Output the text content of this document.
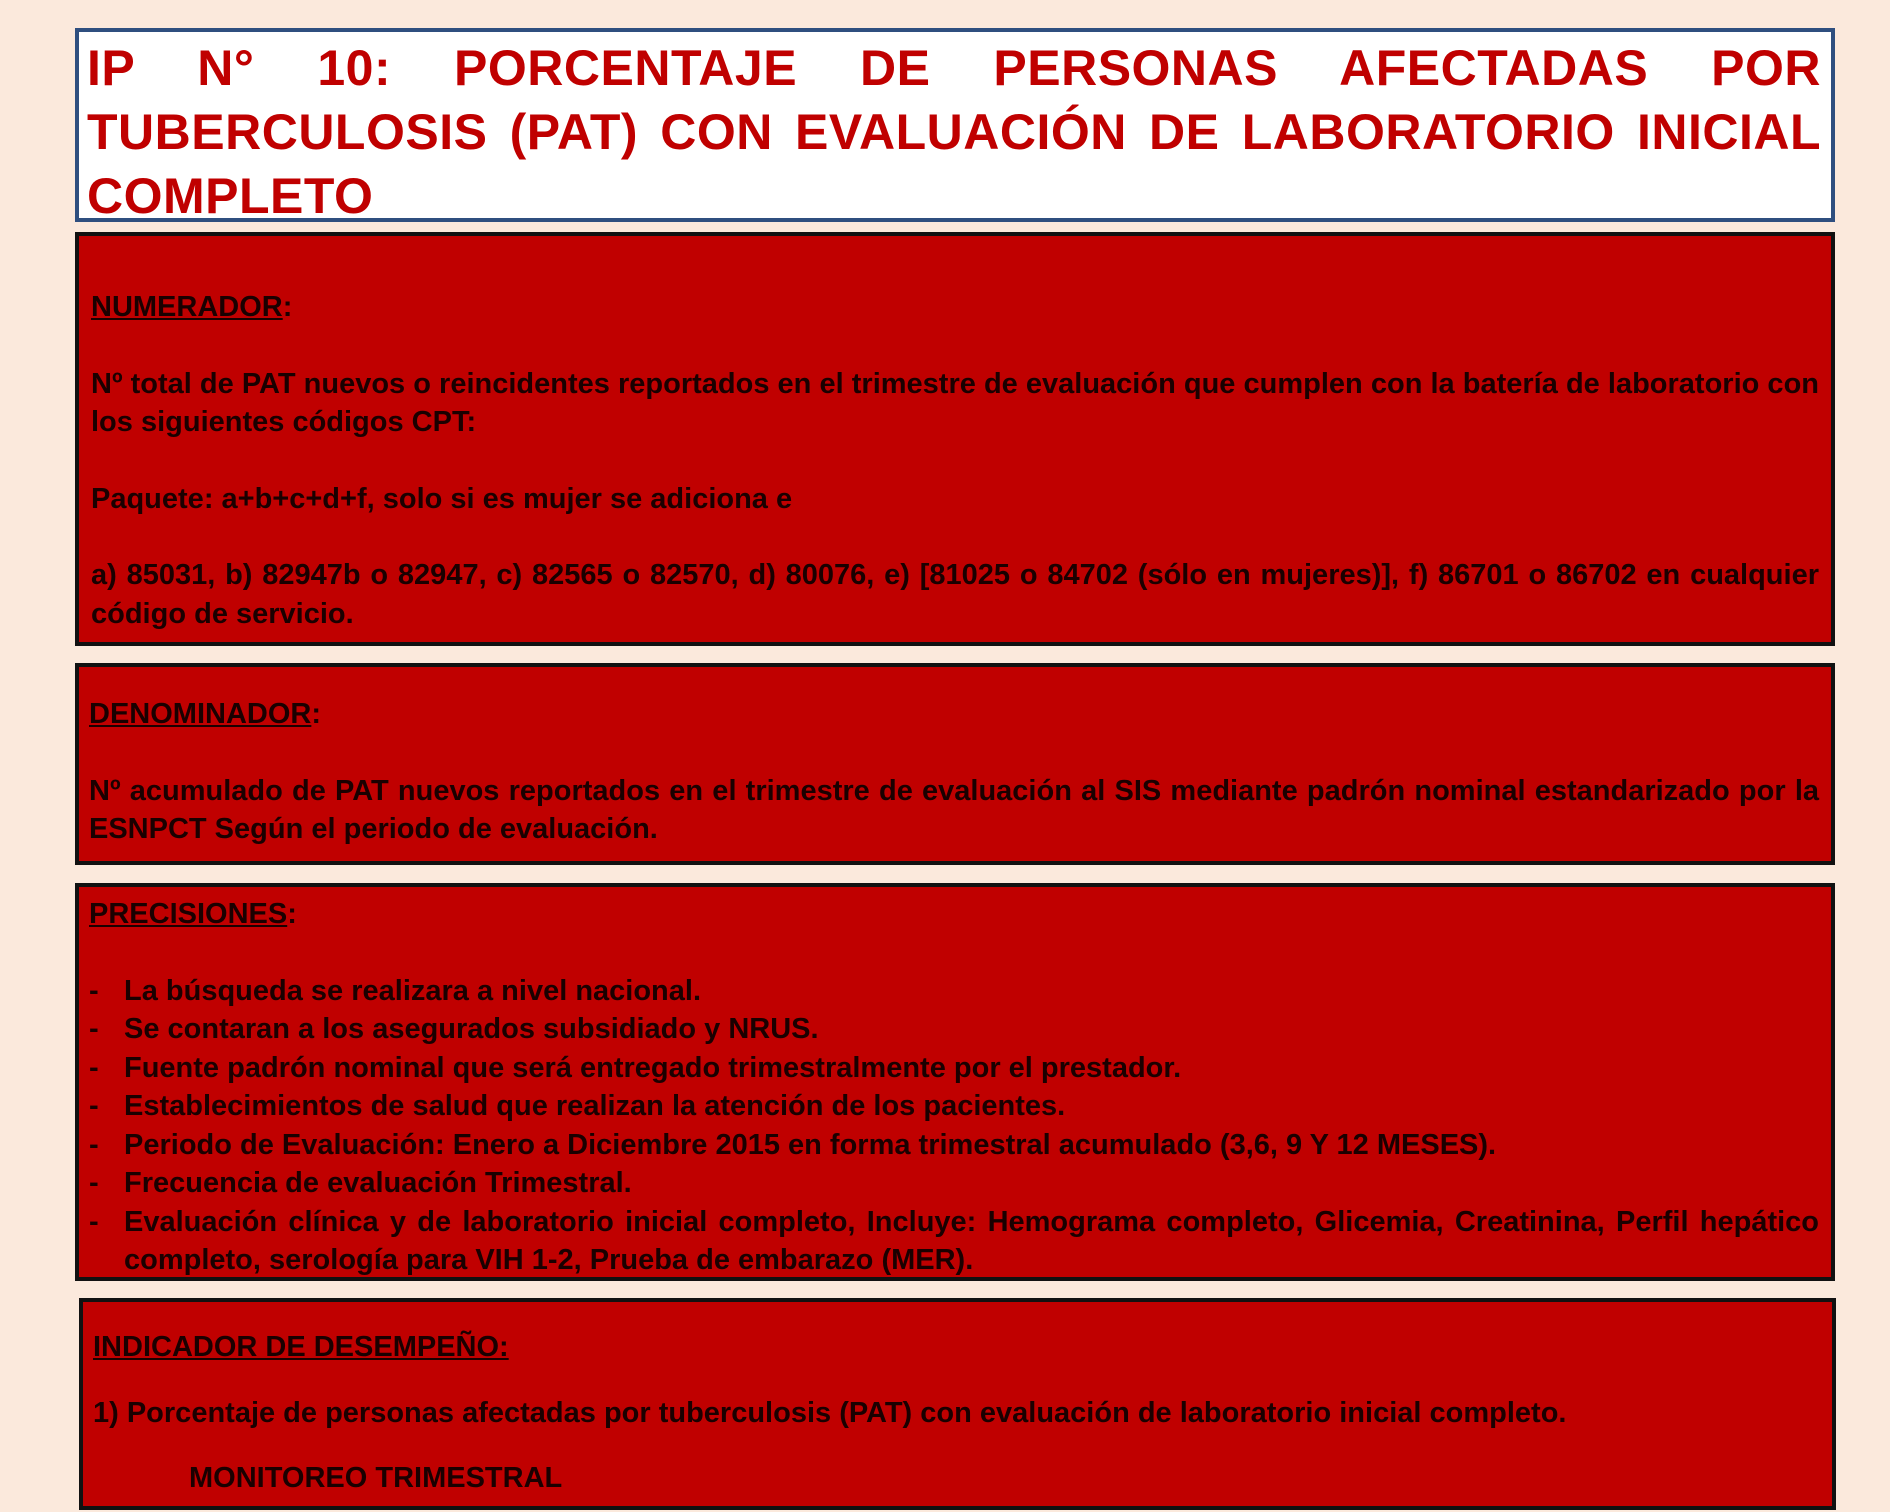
IP N° 10: PORCENTAJE DE PERSONAS AFECTADAS POR TUBERCULOSIS (PAT) CON EVALUACIÓN DE LABORATORIO INICIAL COMPLETO
NUMERADOR:

Nº total de PAT nuevos o reincidentes reportados en el trimestre de evaluación que cumplen con la batería de laboratorio con los siguientes códigos CPT:

Paquete: a+b+c+d+f, solo si es mujer se adiciona e

a) 85031, b) 82947b o 82947, c) 82565 o 82570, d) 80076, e) [81025 o 84702 (sólo en mujeres)], f) 86701 o 86702 en cualquier código de servicio.

DENOMINADOR:

Nº acumulado de PAT nuevos reportados en el trimestre de evaluación al SIS mediante padrón nominal estandarizado por la ESNPCT Según el periodo de evaluación.

PRECISIONES:
- La búsqueda se realizara a nivel nacional.
- Se contaran a los asegurados subsidiado y NRUS.
- Fuente padrón nominal que será entregado trimestralmente por el prestador.
- Establecimientos de salud que realizan la atención de los pacientes.
- Periodo de Evaluación: Enero a Diciembre 2015 en forma trimestral acumulado (3,6, 9 Y 12 MESES).
- Frecuencia de evaluación Trimestral.
- Evaluación clínica y de laboratorio inicial completo, Incluye: Hemograma completo, Glicemia, Creatinina, Perfil hepático completo, serología para VIH 1-2, Prueba de embarazo (MER).
INDICADOR DE DESEMPEÑO:

1) Porcentaje de personas afectadas por tuberculosis (PAT) con evaluación de laboratorio inicial completo.

MONITOREO TRIMESTRAL
